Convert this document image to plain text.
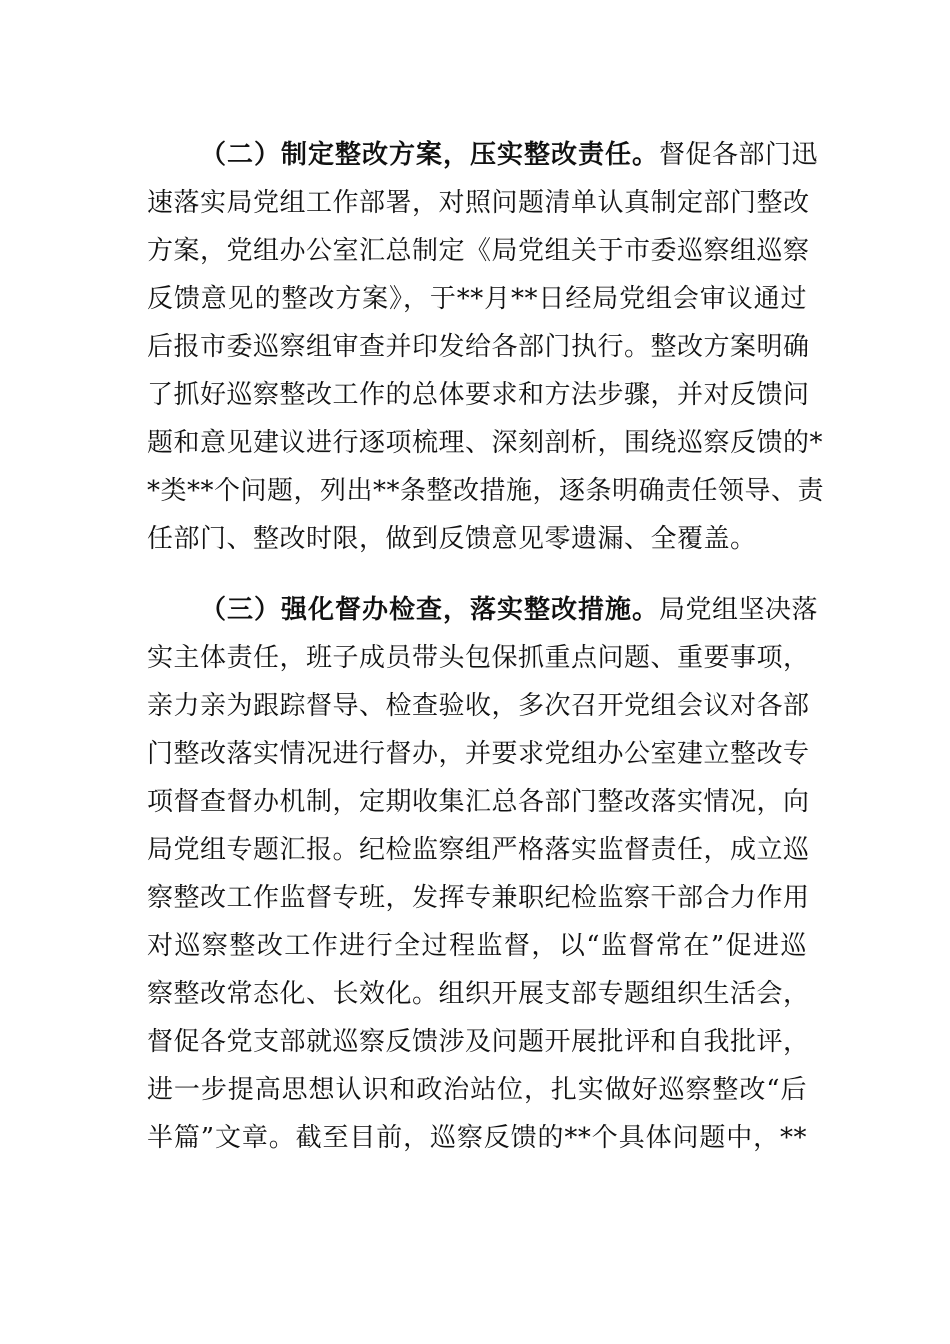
（二）制定整改方案，压实整改责任。督促各部门迅
速落实局党组工作部署，对照问题清单认真制定部门整改
方案，党组办公室汇总制定《局党组关于市委巡察组巡察
反馈意见的整改方案》，于**月**日经局党组会审议通过
后报市委巡察组审查并印发给各部门执行。整改方案明确
了抓好巡察整改工作的总体要求和方法步骤，并对反馈问
题和意见建议进行逐项梳理、深刻剖析，围绕巡察反馈的*
*类**个问题，列出**条整改措施，逐条明确责任领导、责
任部门、整改时限，做到反馈意见零遗漏、全覆盖。
（三）强化督办检查，落实整改措施。局党组坚决落
实主体责任，班子成员带头包保抓重点问题、重要事项，
亲力亲为跟踪督导、检查验收，多次召开党组会议对各部
门整改落实情况进行督办，并要求党组办公室建立整改专
项督查督办机制，定期收集汇总各部门整改落实情况，向
局党组专题汇报。纪检监察组严格落实监督责任，成立巡
察整改工作监督专班，发挥专兼职纪检监察干部合力作用
对巡察整改工作进行全过程监督，以“监督常在”促进巡
察整改常态化、长效化。组织开展支部专题组织生活会，
督促各党支部就巡察反馈涉及问题开展批评和自我批评，
进一步提高思想认识和政治站位，扎实做好巡察整改“后
半篇”文章。截至目前，巡察反馈的**个具体问题中，**
